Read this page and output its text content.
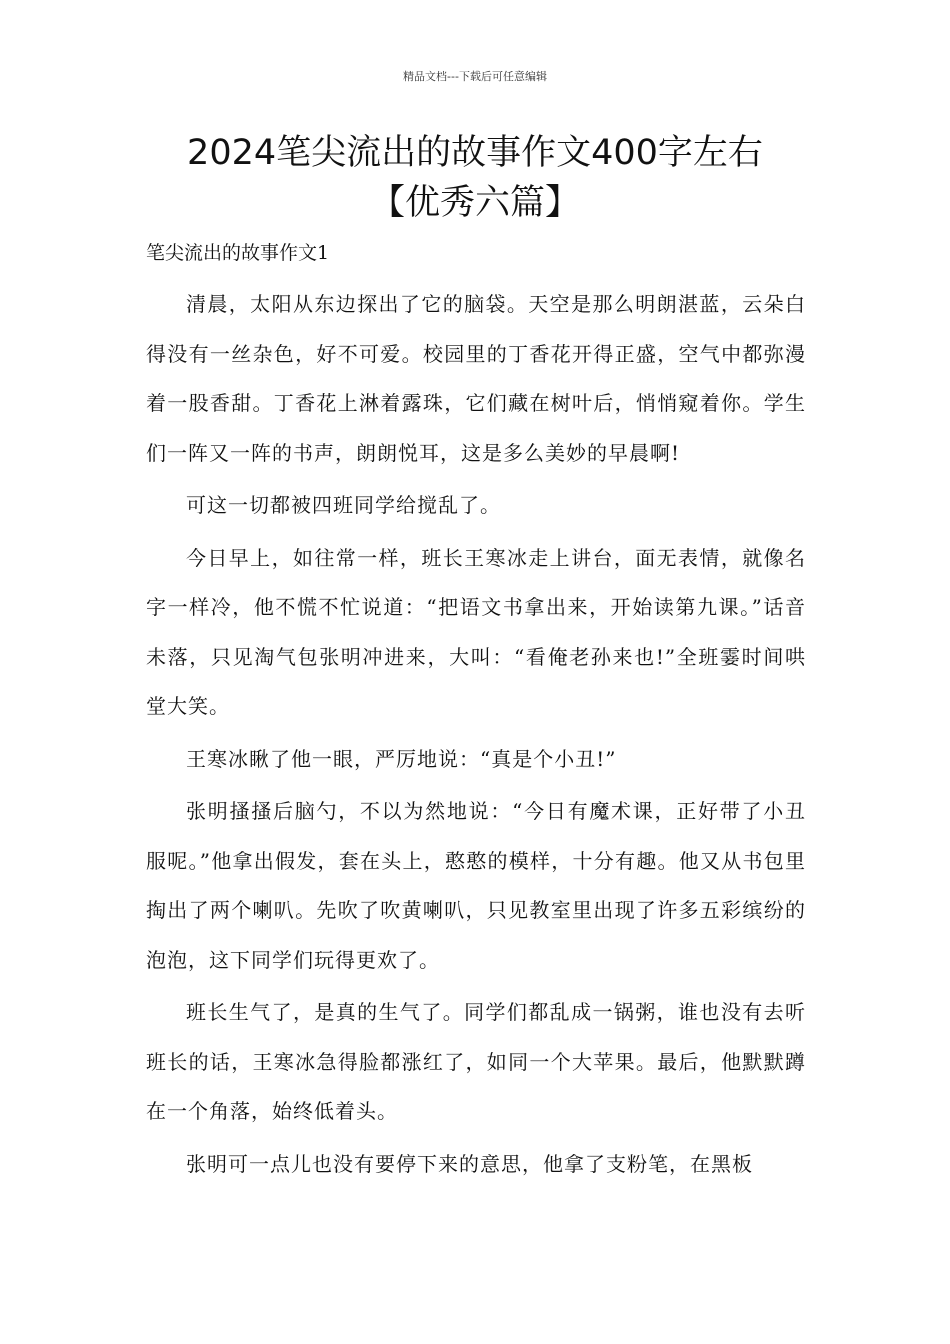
精品文档---下载后可任意编辑
2024笔尖流出的故事作文400字左右
【优秀六篇】
笔尖流出的故事作文1

清晨，太阳从东边探出了它的脑袋。天空是那么明朗湛蓝，云朵白得没有一丝杂色，好不可爱。校园里的丁香花开得正盛，空气中都弥漫着一股香甜。丁香花上淋着露珠，它们藏在树叶后，悄悄窥着你。学生们一阵又一阵的书声，朗朗悦耳，这是多么美妙的早晨啊!

可这一切都被四班同学给搅乱了。

今日早上，如往常一样，班长王寒冰走上讲台，面无表情，就像名字一样冷，他不慌不忙说道：“把语文书拿出来，开始读第九课。”话音未落，只见淘气包张明冲进来，大叫：“看俺老孙来也!”全班霎时间哄堂大笑。

王寒冰瞅了他一眼，严厉地说：“真是个小丑!”

张明搔搔后脑勺，不以为然地说：“今日有魔术课，正好带了小丑服呢。”他拿出假发，套在头上，憨憨的模样，十分有趣。他又从书包里掏出了两个喇叭。先吹了吹黄喇叭，只见教室里出现了许多五彩缤纷的泡泡，这下同学们玩得更欢了。

班长生气了，是真的生气了。同学们都乱成一锅粥，谁也没有去听班长的话，王寒冰急得脸都涨红了，如同一个大苹果。最后，他默默蹲在一个角落，始终低着头。

张明可一点儿也没有要停下来的意思，他拿了支粉笔，在黑板
